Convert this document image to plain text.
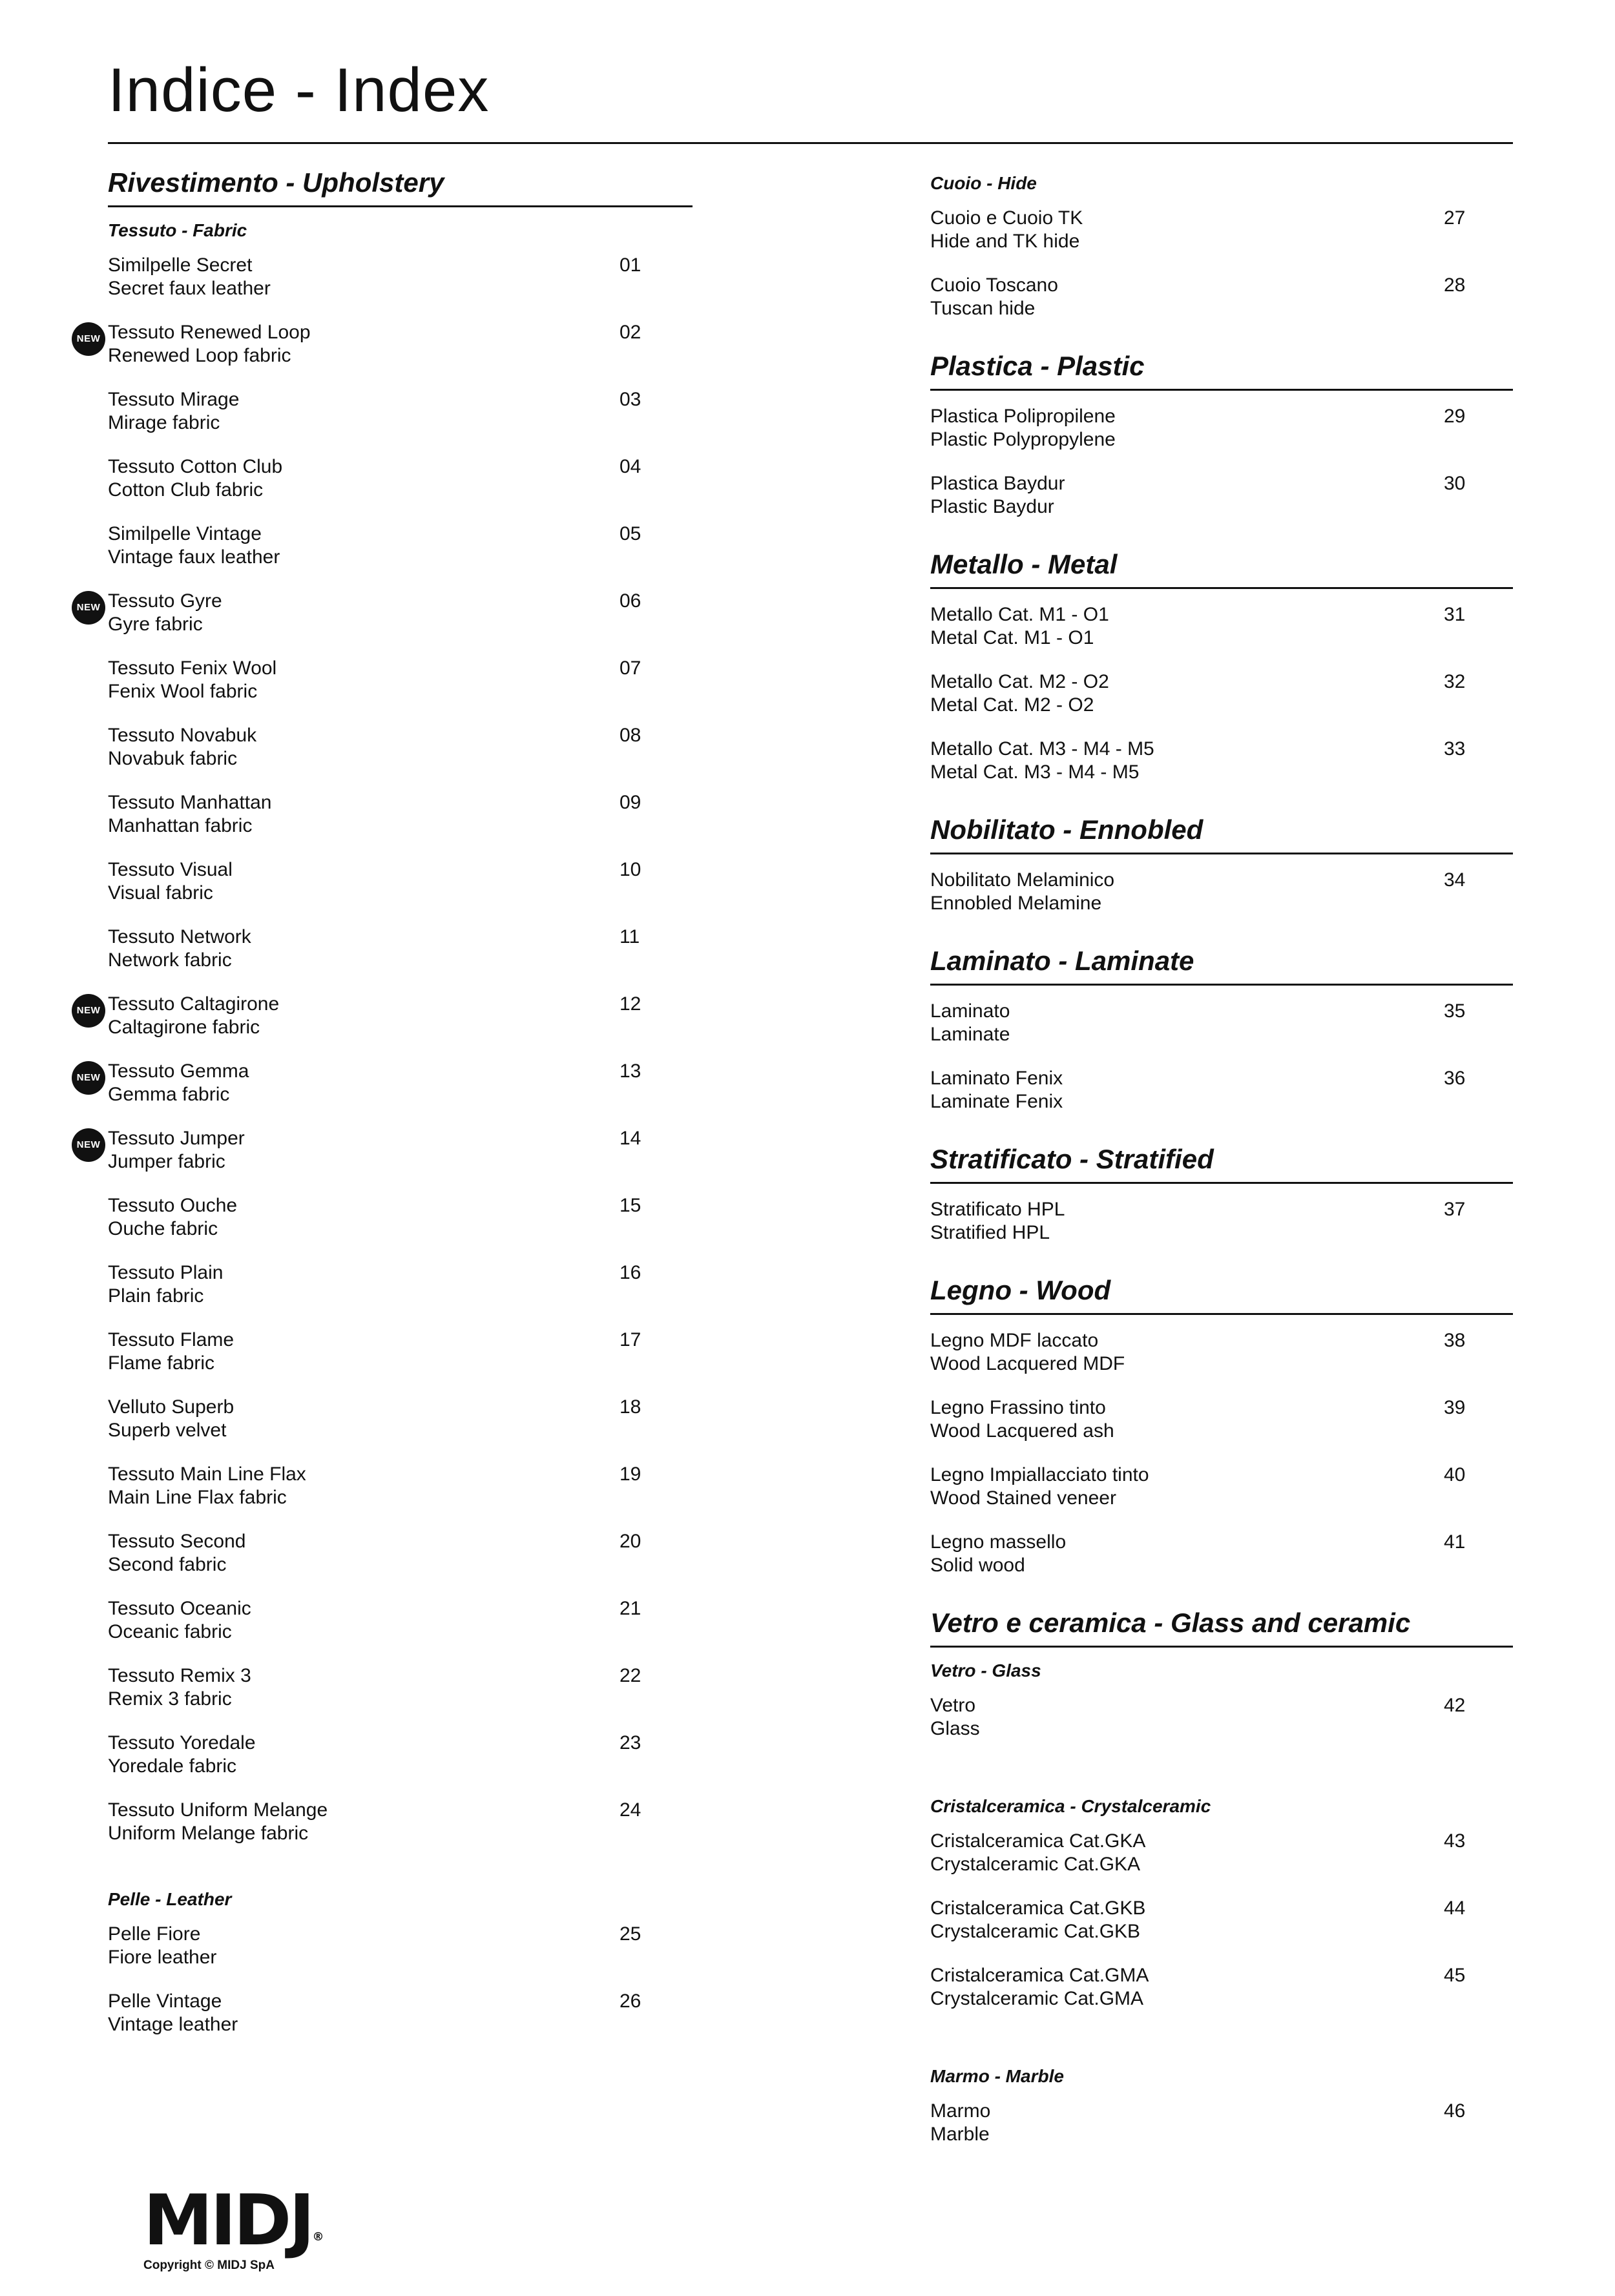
Indice - Index
Rivestimento - Upholstery
Tessuto - Fabric
Similpelle Secret
Secret faux leather
01
NEW Tessuto Renewed Loop
Renewed Loop fabric
02
Tessuto Mirage
Mirage fabric
03
Tessuto Cotton Club
Cotton Club fabric
04
Similpelle Vintage
Vintage faux leather
05
NEW Tessuto Gyre
Gyre fabric
06
Tessuto Fenix Wool
Fenix Wool fabric
07
Tessuto Novabuk
Novabuk fabric
08
Tessuto Manhattan
Manhattan fabric
09
Tessuto Visual
Visual fabric
10
Tessuto Network
Network fabric
11
NEW Tessuto Caltagirone
Caltagirone fabric
12
NEW Tessuto Gemma
Gemma fabric
13
NEW Tessuto Jumper
Jumper fabric
14
Tessuto Ouche
Ouche fabric
15
Tessuto Plain
Plain fabric
16
Tessuto Flame
Flame fabric
17
Velluto Superb
Superb velvet
18
Tessuto Main Line Flax
Main Line Flax fabric
19
Tessuto Second
Second fabric
20
Tessuto Oceanic
Oceanic fabric
21
Tessuto Remix 3
Remix 3 fabric
22
Tessuto Yoredale
Yoredale fabric
23
Tessuto Uniform Melange
Uniform Melange fabric
24
Pelle - Leather
Pelle Fiore
Fiore leather
25
Pelle Vintage
Vintage leather
26
Cuoio - Hide
Cuoio e Cuoio TK
Hide and TK hide
27
Cuoio Toscano
Tuscan hide
28
Plastica - Plastic
Plastica Polipropilene
Plastic Polypropylene
29
Plastica Baydur
Plastic Baydur
30
Metallo - Metal
Metallo Cat. M1 - O1
Metal Cat. M1 - O1
31
Metallo Cat. M2 - O2
Metal Cat. M2 - O2
32
Metallo Cat. M3 - M4 - M5
Metal Cat. M3 - M4 - M5
33
Nobilitato - Ennobled
Nobilitato Melaminico
Ennobled Melamine
34
Laminato - Laminate
Laminato
Laminate
35
Laminato Fenix
Laminate Fenix
36
Stratificato - Stratified
Stratificato HPL
Stratified HPL
37
Legno - Wood
Legno MDF laccato
Wood Lacquered MDF
38
Legno Frassino tinto
Wood Lacquered ash
39
Legno Impiallacciato tinto
Wood Stained veneer
40
Legno massello
Solid wood
41
Vetro e ceramica - Glass and ceramic
Vetro - Glass
Vetro
Glass
42
Cristalceramica - Crystalceramic
Cristalceramica Cat.GKA
Crystalceramic Cat.GKA
43
Cristalceramica Cat.GKB
Crystalceramic Cat.GKB
44
Cristalceramica Cat.GMA
Crystalceramic Cat.GMA
45
Marmo - Marble
Marmo
Marble
46
MIDJ®
Copyright © MIDJ SpA
